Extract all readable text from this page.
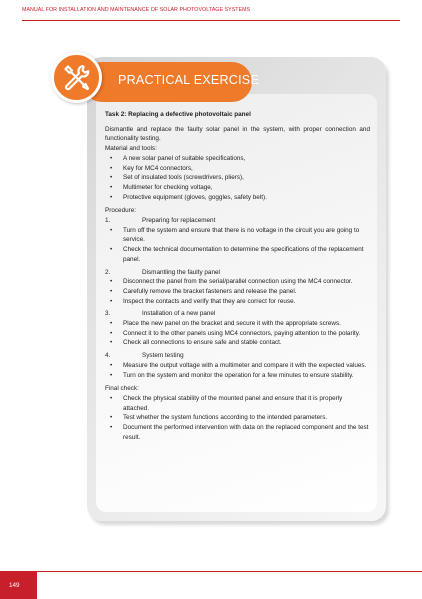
MANUAL FOR INSTALLATION AND MAINTENANCE OF SOLAR PHOTOVOLTAGE SYSTEMS
PRACTICAL EXERCISE
Task 2: Replacing a defective photovoltaic panel
Dismantle and replace the faulty solar panel in the system, with proper connection and functionality testing.
Material and tools:
• A new solar panel of suitable specifications,
• Key for MC4 connectors,
• Set of insulated tools (screwdrivers, pliers),
• Multimeter for checking voltage,
• Protective equipment (gloves, goggles, safety belt).
Procedure:
1.	Preparing for replacement
• Turn off the system and ensure that there is no voltage in the circuit you are going to service.
• Check the technical documentation to determine the specifications of the replacement panel.
2.	Dismantling the faulty panel
• Disconnect the panel from the serial/parallel connection using the MC4 connector.
• Carefully remove the bracket fasteners and release the panel.
• Inspect the contacts and verify that they are correct for reuse.
3.	Installation of a new panel
• Place the new panel on the bracket and secure it with the appropriate screws.
• Connect it to the other panels using MC4 connectors, paying attention to the polarity.
• Check all connections to ensure safe and stable contact.
4.	System testing
• Measure the output voltage with a multimeter and compare it with the expected values.
• Turn on the system and monitor the operation for a few minutes to ensure stability.
Final check:
• Check the physical stability of the mounted panel and ensure that it is properly attached.
• Test whether the system functions according to the intended parameters.
• Document the performed intervention with data on the replaced component and the test result.
149
